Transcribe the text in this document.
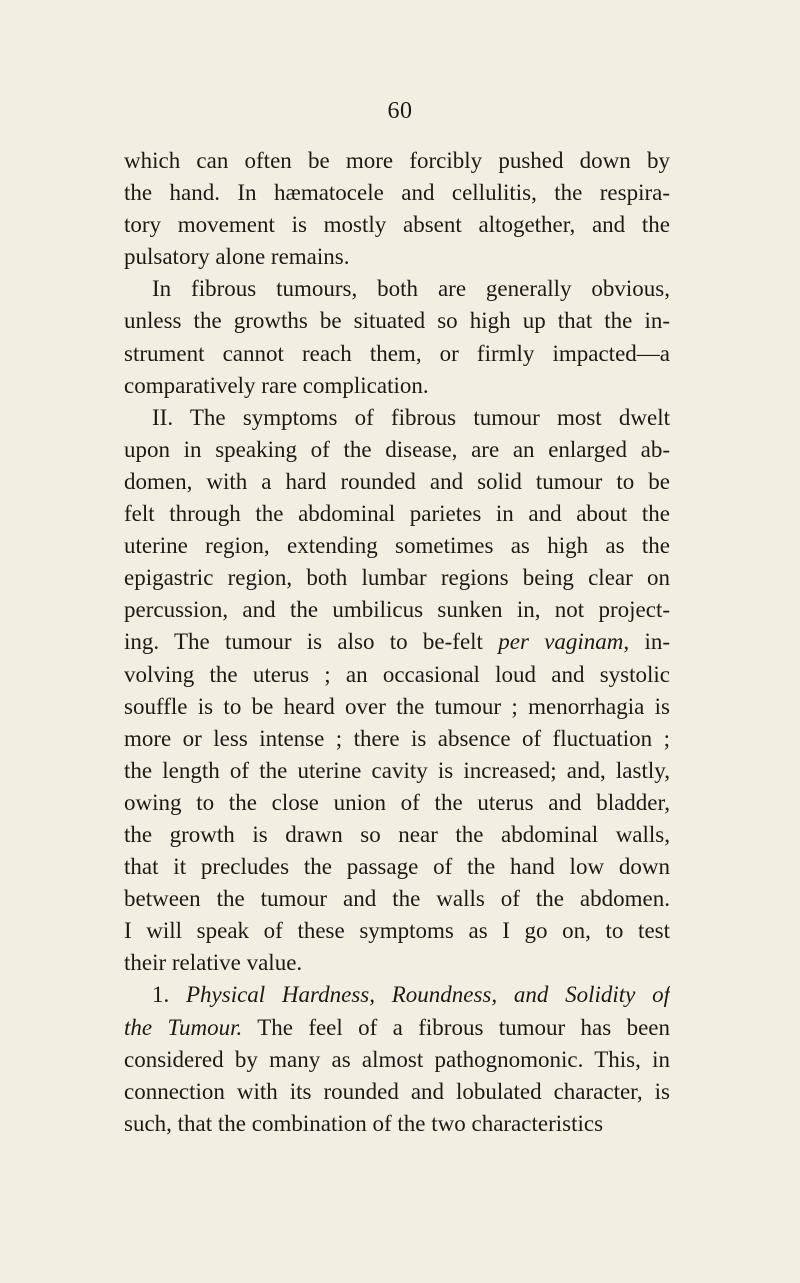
60
which can often be more forcibly pushed down by
the hand. In hæmatocele and cellulitis, the respira-
tory movement is mostly absent altogether, and the
pulsatory alone remains.
In fibrous tumours, both are generally obvious,
unless the growths be situated so high up that the in-
strument cannot reach them, or firmly impacted—a
comparatively rare complication.
II. The symptoms of fibrous tumour most dwelt
upon in speaking of the disease, are an enlarged ab-
domen, with a hard rounded and solid tumour to be
felt through the abdominal parietes in and about the
uterine region, extending sometimes as high as the
epigastric region, both lumbar regions being clear on
percussion, and the umbilicus sunken in, not project-
ing. The tumour is also to be-felt per vaginam, in-
volving the uterus ; an occasional loud and systolic
souffle is to be heard over the tumour ; menorrhagia is
more or less intense ; there is absence of fluctuation ;
the length of the uterine cavity is increased; and, lastly,
owing to the close union of the uterus and bladder,
the growth is drawn so near the abdominal walls,
that it precludes the passage of the hand low down
between the tumour and the walls of the abdomen.
I will speak of these symptoms as I go on, to test
their relative value.
1. Physical Hardness, Roundness, and Solidity of
the Tumour. The feel of a fibrous tumour has been
considered by many as almost pathognomonic. This, in
connection with its rounded and lobulated character, is
such, that the combination of the two characteristics
